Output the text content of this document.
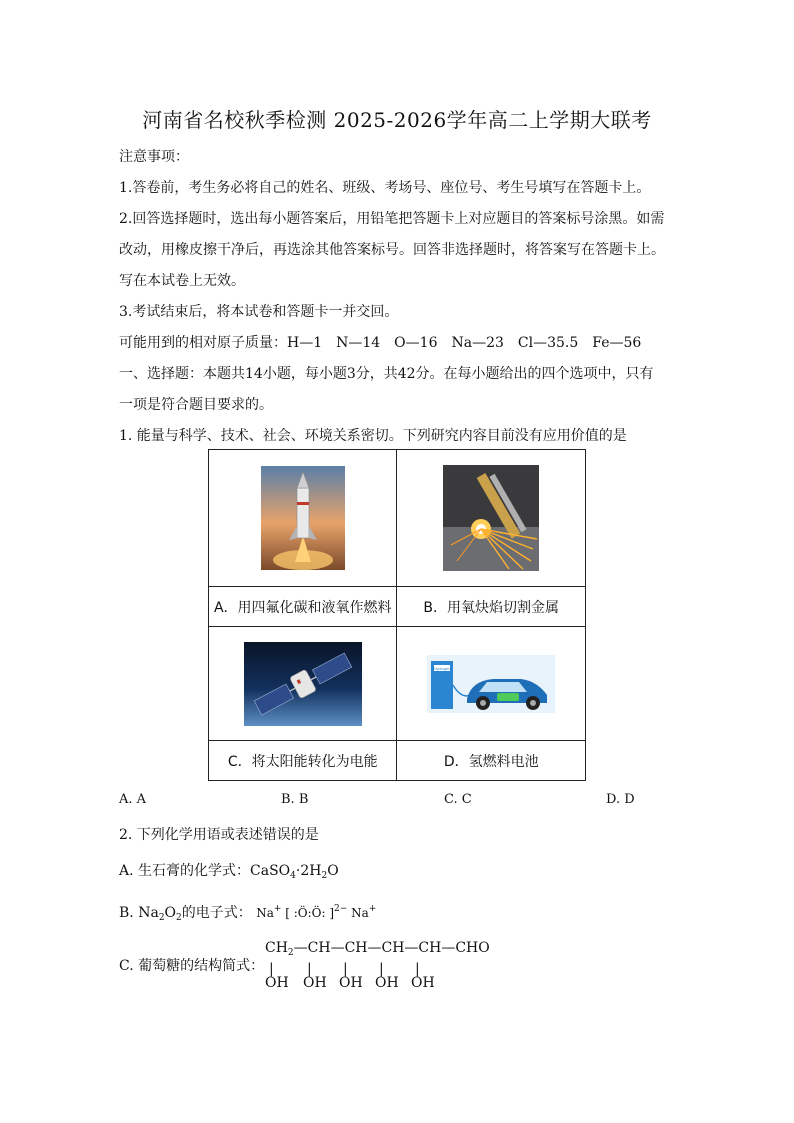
河南省名校秋季检测 2025-2026学年高二上学期大联考
注意事项：
1.答卷前，考生务必将自己的姓名、班级、考场号、座位号、考生号填写在答题卡上。
2.回答选择题时，选出每小题答案后，用铅笔把答题卡上对应题目的答案标号涂黑。如需
改动，用橡皮擦干净后，再选涂其他答案标号。回答非选择题时，将答案写在答题卡上。
写在本试卷上无效。
3.考试结束后，将本试卷和答题卡一并交回。
可能用到的相对原子质量：H—1　N—14　O—16　Na—23　Cl—35.5　Fe—56
一、选择题：本题共14小题，每小题3分，共42分。在每小题给出的四个选项中，只有
一项是符合题目要求的。
1. 能量与科学、技术、社会、环境关系密切。下列研究内容目前没有应用价值的是

A．用四氟化碳和液氧作燃料	B．用氧炔焰切割金属

Hydrogen

C．将太阳能转化为电能	D．氢燃料电池
A. A	B. B	C. C	D. D
2. 下列化学用语或表述错误的是
A. 生石膏的化学式：$CaSO_4\cdot 2H_2O$
B. $Na_2O_2$的电子式： Na+ [ :Ö:Ö: ]$^{2-}$ Na+
C. 葡萄糖的结构简式：
$CH_2—CH—CH—CH—CH—CHO$
| | | | |
OH OH OH OH OH
